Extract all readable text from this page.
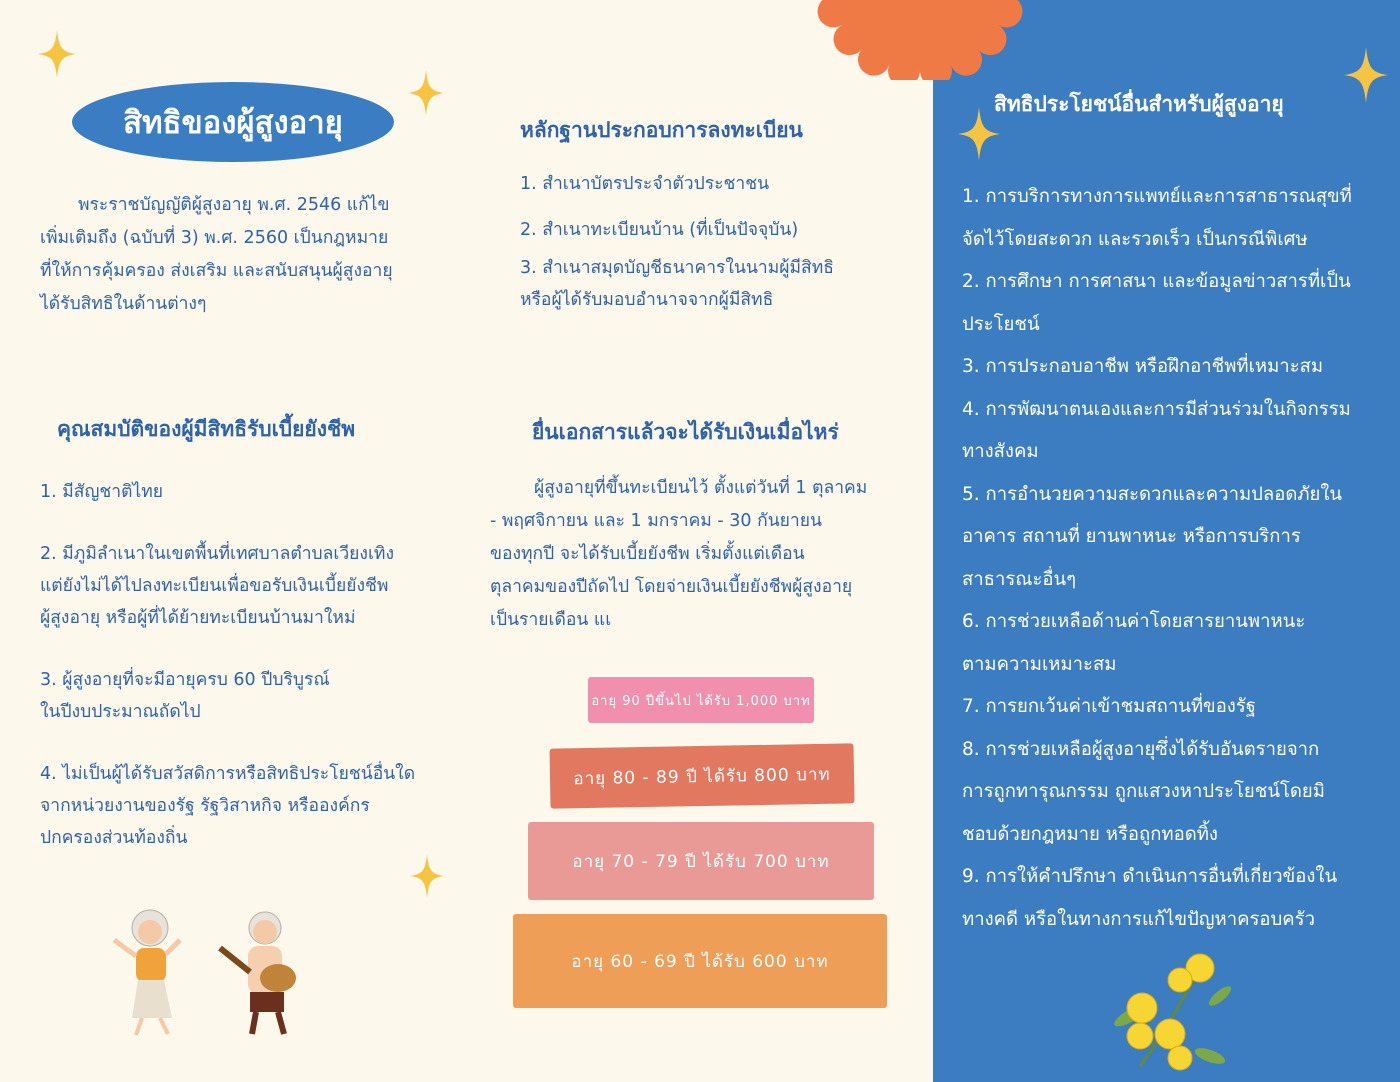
สิทธิของผู้สูงอายุ
พระราชบัญญัติผู้สูงอายุ พ.ศ. 2546 แก้ไข
เพิ่มเติมถึง (ฉบับที่ 3) พ.ศ. 2560 เป็นกฎหมาย
ที่ให้การคุ้มครอง ส่งเสริม และสนับสนุนผู้สูงอายุ
ได้รับสิทธิในด้านต่างๆ
คุณสมบัติของผู้มีสิทธิรับเบี้ยยังชีพ
1. มีสัญชาติไทย
2. มีภูมิลำเนาในเขตพื้นที่เทศบาลตำบลเวียงเทิง
แต่ยังไม่ได้ไปลงทะเบียนเพื่อขอรับเงินเบี้ยยังชีพ
ผู้สูงอายุ หรือผู้ที่ได้ย้ายทะเบียนบ้านมาใหม่
3. ผู้สูงอายุที่จะมีอายุครบ 60 ปีบริบูรณ์
ในปีงบประมาณถัดไป
4. ไม่เป็นผู้ได้รับสวัสดิการหรือสิทธิประโยชน์อื่นใด
จากหน่วยงานของรัฐ รัฐวิสาหกิจ หรือองค์กร
ปกครองส่วนท้องถิ่น
หลักฐานประกอบการลงทะเบียน
1. สำเนาบัตรประจำตัวประชาชน
2. สำเนาทะเบียนบ้าน (ที่เป็นปัจจุบัน)
3. สำเนาสมุดบัญชีธนาคารในนามผู้มีสิทธิ
หรือผู้ได้รับมอบอำนาจจากผู้มีสิทธิ
ยื่นเอกสารแล้วจะได้รับเงินเมื่อไหร่
ผู้สูงอายุที่ขึ้นทะเบียนไว้ ตั้งแต่วันที่ 1 ตุลาคม
- พฤศจิกายน และ 1 มกราคม - 30 กันยายน
ของทุกปี จะได้รับเบี้ยยังชีพ เริ่มตั้งแต่เดือน
ตุลาคมของปีถัดไป โดยจ่ายเงินเบี้ยยังชีพผู้สูงอายุ
เป็นรายเดือน แเ
อายุ 90 ปีขึ้นไป ได้รับ 1,000 บาท
อายุ 80 - 89 ปี ได้รับ 800 บาท
อายุ 70 - 79 ปี ได้รับ 700 บาท
อายุ 60 - 69 ปี ได้รับ 600 บาท
สิทธิประโยชน์อื่นสำหรับผู้สูงอายุ
1. การบริการทางการแพทย์และการสาธารณสุขที่
จัดไว้โดยสะดวก และรวดเร็ว เป็นกรณีพิเศษ
2. การศึกษา การศาสนา และข้อมูลข่าวสารที่เป็น
ประโยชน์
3. การประกอบอาชีพ หรือฝึกอาชีพที่เหมาะสม
4. การพัฒนาตนเองและการมีส่วนร่วมในกิจกรรม
ทางสังคม
5. การอำนวยความสะดวกและความปลอดภัยใน
อาคาร สถานที่ ยานพาหนะ หรือการบริการ
สาธารณะอื่นๆ
6. การช่วยเหลือด้านค่าโดยสารยานพาหนะ
ตามความเหมาะสม
7. การยกเว้นค่าเข้าชมสถานที่ของรัฐ
8. การช่วยเหลือผู้สูงอายุซึ่งได้รับอันตรายจาก
การถูกทารุณกรรม ถูกแสวงหาประโยชน์โดยมิ
ชอบด้วยกฎหมาย หรือถูกทอดทิ้ง
9. การให้คำปรึกษา ดำเนินการอื่นที่เกี่ยวข้องใน
ทางคดี หรือในทางการแก้ไขปัญหาครอบครัว
